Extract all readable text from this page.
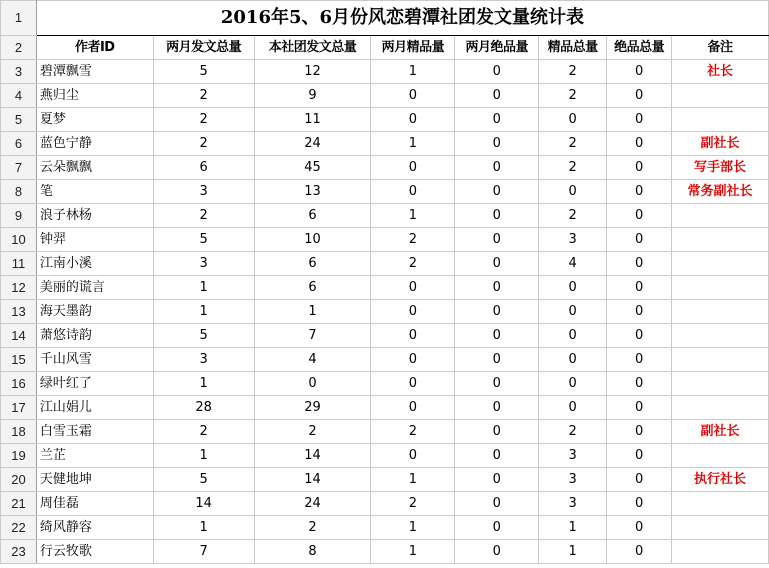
1	2016年5、6月份风恋碧潭社团发文量统计表							
2	作者ID	两月发文总量	本社团发文总量	两月精品量	两月绝品量	精品总量	绝品总量	备注
3	碧潭飘雪	5	12	1	0	2	0	社长
4	燕归尘	2	9	0	0	2	0	
5	夏梦	2	11	0	0	0	0	
6	蓝色宁静	2	24	1	0	2	0	副社长
7	云朵飘飘	6	45	0	0	2	0	写手部长
8	笔	3	13	0	0	0	0	常务副社长
9	浪子林杨	2	6	1	0	2	0	
10	钟羿	5	10	2	0	3	0	
11	江南小溪	3	6	2	0	4	0	
12	美丽的谎言	1	6	0	0	0	0	
13	海天墨韵	1	1	0	0	0	0	
14	萧悠诗韵	5	7	0	0	0	0	
15	千山风雪	3	4	0	0	0	0	
16	绿叶红了	1	0	0	0	0	0	
17	江山娟儿	28	29	0	0	0	0	
18	白雪玉霜	2	2	2	0	2	0	副社长
19	兰芷	1	14	0	0	3	0	
20	天健地坤	5	14	1	0	3	0	执行社长
21	周佳磊	14	24	2	0	3	0	
22	绮风静容	1	2	1	0	1	0	
23	行云牧歌	7	8	1	0	1	0	
